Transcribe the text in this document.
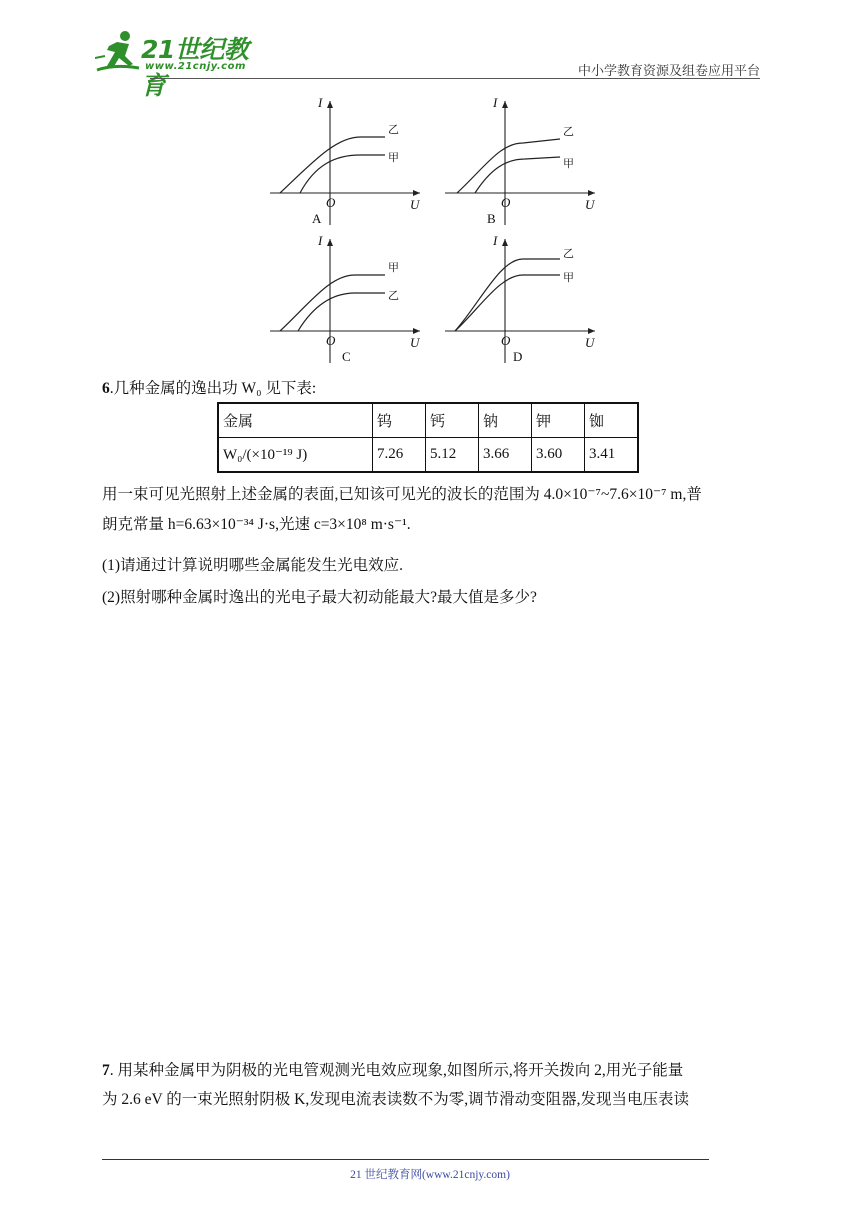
21世纪教育
www.21cnjy.com	中小学教育资源及组卷应用平台
I
U
O
乙
甲
A
I
U
O
乙
甲
B
I
U
O
甲
乙
C
I
U
O
乙
甲
D
6.几种金属的逸出功 W₀ 见下表:
金属	钨	钙	钠	钾	铷
W₀/(×10⁻¹⁹ J)	7.26	5.12	3.66	3.60	3.41
用一束可见光照射上述金属的表面,已知该可见光的波长的范围为 4.0×10⁻⁷~7.6×10⁻⁷ m,普
朗克常量 h=6.63×10⁻³⁴ J·s,光速 c=3×10⁸ m·s⁻¹.
(1)请通过计算说明哪些金属能发生光电效应.
(2)照射哪种金属时逸出的光电子最大初动能最大?最大值是多少?
7. 用某种金属甲为阴极的光电管观测光电效应现象,如图所示,将开关拨向 2,用光子能量
为 2.6 eV 的一束光照射阴极 K,发现电流表读数不为零,调节滑动变阻器,发现当电压表读
21 世纪教育网(www.21cnjy.com)
